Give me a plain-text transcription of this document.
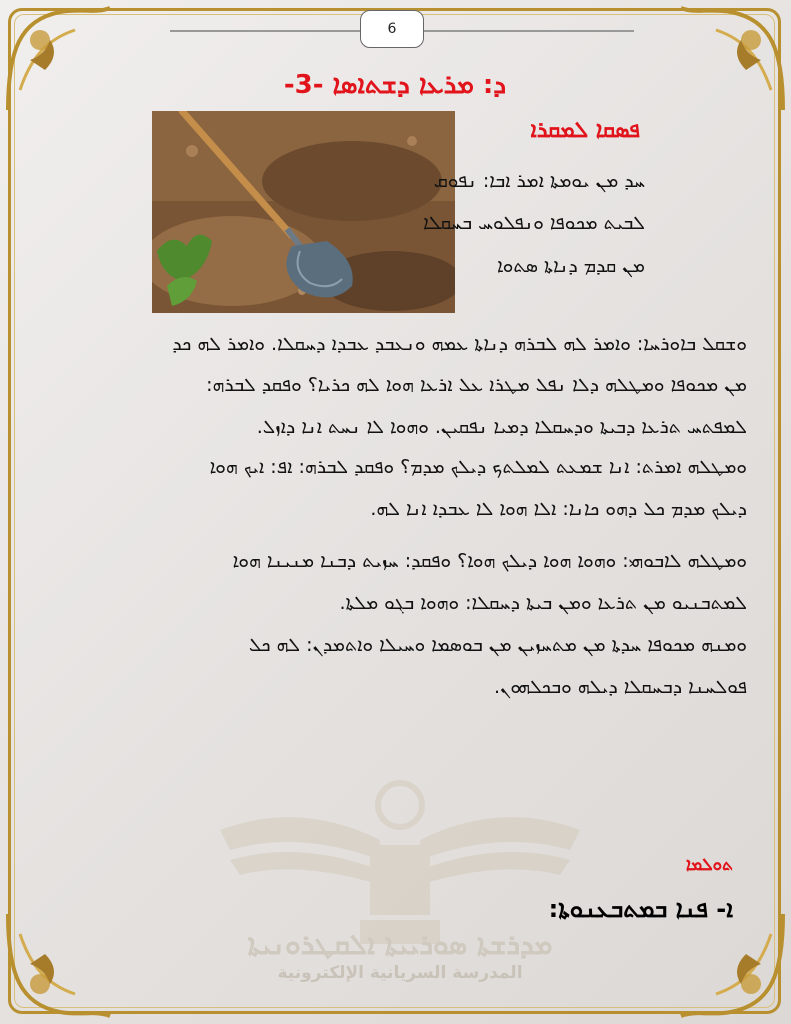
6
ܕ: ܡܪܥܐ ܕܫܬܐܣܐ -3-
ܦܣܩܐ ܠܡܩܪܐ
ܚܕ ܡܢ ܝܘܡܬܐ ܐܡܪ ܐܒܐ: ܢܦܘܩ
ܠܒܝܬ ܡܟܘܦܐ ܘܢܦܠܘܚ ܒܚܩܠܐ
ܡܢ ܩܕܡ ܕܢܐܬܐ ܣܬܘܐ
ܘܫܩܠ ܒܐܘܪܚܐ: ܘܐܡܪ ܠܗ ܠܒܪܗ ܕܢܐܬܐ ܥܡܗ ܘܢܥܒܕ ܥܒܕܐ ܕܚܩܠܐ. ܘܐܡܪ ܠܗ ܟܕ
ܡܢ ܡܟܘܦܐ ܘܡܛܠܗ ܕܠܐ ܢܦܠ ܡܛܪܐ ܥܠ ܐܪܥܐ ܗܘܐ ܠܗ ܟܪܝܐ؟ ܘܦܩܕ ܠܒܪܗ:
ܠܡܦܬܚ ܬܪܥܐ ܕܒܝܬܐ ܘܕܚܩܠܐ ܕܡܝܐ ܢܦܩܝܢ. ܘܗܘܐ ܠܐ ܢܚܬ ܐܢܐ ܕܐܙܠ.
ܘܡܛܠܗ ܐܡܪܬ: ܐܢܐ ܫܡܥܬ ܠܡܠܬܟ ܕܝܠܟ ܡܕܡ؟ ܘܦܩܕ ܠܒܪܗ: ܐܦ: ܐܝܟ ܗܘܐ
ܕܝܠܟ ܡܕܡ ܟܠ ܕܗܘ ܟܐܢܐ: ܐܠܐ ܗܘܐ ܠܐ ܥܒܕܐ ܐܢܐ ܠܗ.
ܘܡܛܠܗ ܠܐܒܘܗܝ: ܘܗܘܐ ܗܘܐ ܕܝܠܟ ܗܘܐ؟ ܘܦܩܕ: ܚܙܝܬ ܕܒܢܐ ܡܢܝܢܐ ܗܘܐ
ܠܡܬܒܢܝܘ ܡܢ ܬܪܥܐ ܘܡܢ ܒܝܬܐ ܕܚܩܠܐ: ܘܗܘܐ ܒܓܘ ܡܠܬܐ.
ܘܡܢܗ ܡܟܘܦܐ ܚܕܬܐ ܡܢ ܡܬܚܙܝܢ ܡܢ ܒܘܣܡܐ ܘܚܝܠܐ ܘܐܬܡܕܢ: ܠܗ ܟܠ
ܦܘܠܚܢܐ ܕܒܚܩܠܐ ܕܝܠܗ ܘܒܟܠܗܘܢ.
ܬܘܠܡܐ
ܐ- ܦܢܐ ܒܡܬܒܥܢܘܬܐ:
ܡܕܪܫܬܐ ܣܘܪܝܝܬܐ ܐܠܩܛܪܘܢܝܬܐ
المدرسة السريانية الإلكترونية
